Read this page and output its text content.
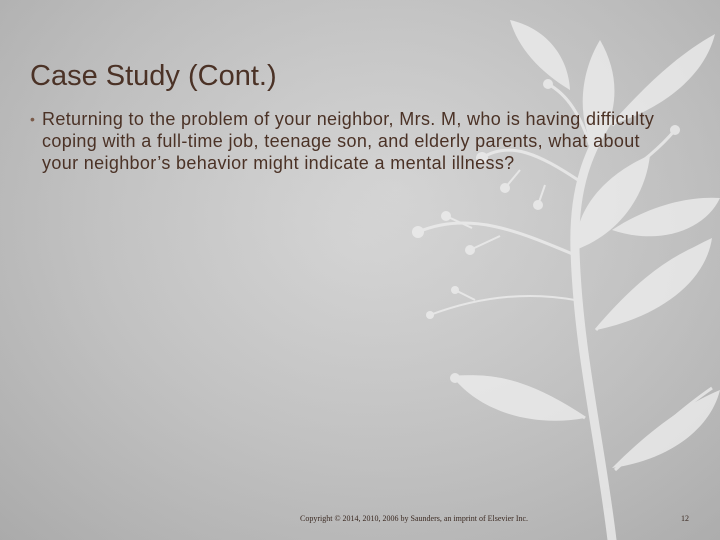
Case Study (Cont.)
• Returning to the problem of your neighbor, Mrs. M, who is having difficulty coping with a full-time job, teenage son, and elderly parents, what about your neighbor’s behavior might indicate a mental illness?
Copyright © 2014, 2010, 2006 by Saunders, an imprint of Elsevier Inc.	12
